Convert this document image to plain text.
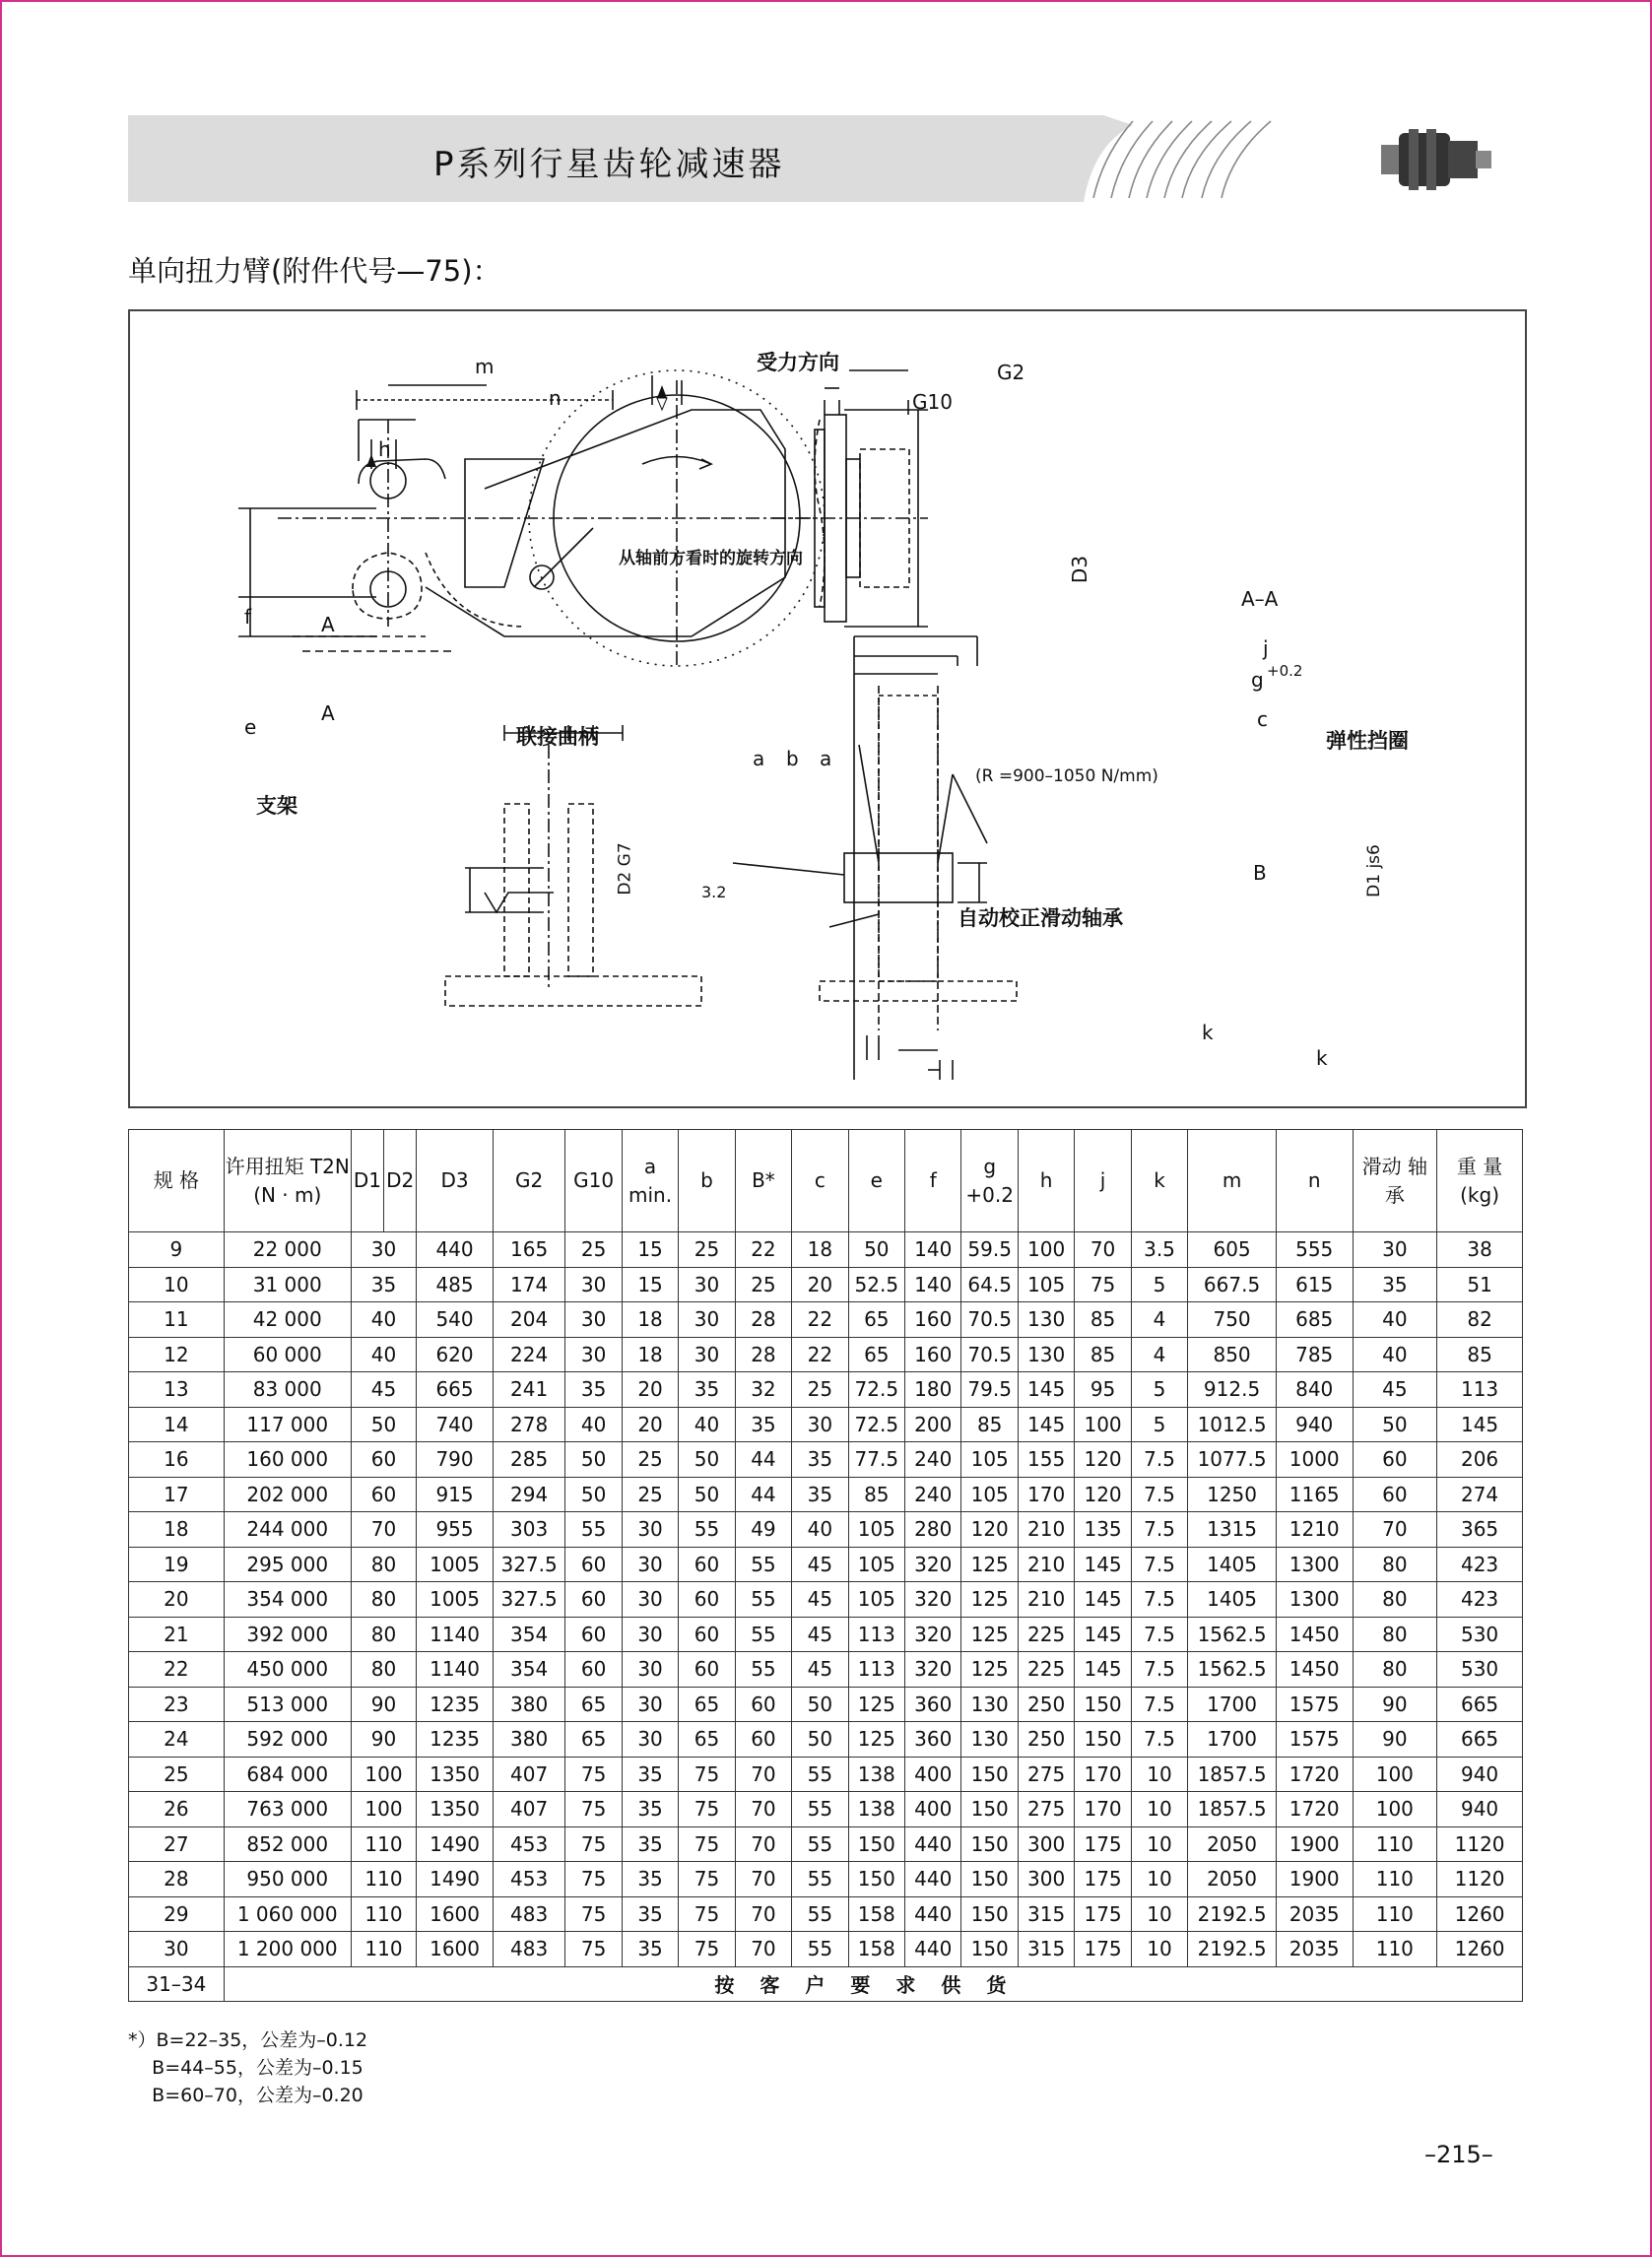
P系列行星齿轮减速器
单向扭力臂(附件代号—75)：
m
n
h
f
e
A
A
受力方向
从轴前方看时的旋转方向
联接曲柄
支架
G2
G10
D3
A–A
j
g +0.2
c
弹性挡圈
(R =900–1050 N/mm)
a b a
D2 G7	3.2
B	D1 js6
自动校正滑动轴承
k
k
规 格	许用扭矩 T2N (N · m)	D1	D2	D3	G2	G10	a min.	b	B*	c	e	f	g +0.2	h	j	k	m	n	滑动 轴承	重 量 (kg)
9	22 000	30		440	165	25	15	25	22	18	50	140	59.5	100	70	3.5	605	555	30	38
10	31 000	35		485	174	30	15	30	25	20	52.5	140	64.5	105	75	5	667.5	615	35	51
11	42 000	40		540	204	30	18	30	28	22	65	160	70.5	130	85	4	750	685	40	82
12	60 000	40		620	224	30	18	30	28	22	65	160	70.5	130	85	4	850	785	40	85
13	83 000	45		665	241	35	20	35	32	25	72.5	180	79.5	145	95	5	912.5	840	45	113
14	117 000	50		740	278	40	20	40	35	30	72.5	200	85	145	100	5	1012.5	940	50	145
16	160 000	60		790	285	50	25	50	44	35	77.5	240	105	155	120	7.5	1077.5	1000	60	206
17	202 000	60		915	294	50	25	50	44	35	85	240	105	170	120	7.5	1250	1165	60	274
18	244 000	70		955	303	55	30	55	49	40	105	280	120	210	135	7.5	1315	1210	70	365
19	295 000	80		1005	327.5	60	30	60	55	45	105	320	125	210	145	7.5	1405	1300	80	423
20	354 000	80		1005	327.5	60	30	60	55	45	105	320	125	210	145	7.5	1405	1300	80	423
21	392 000	80		1140	354	60	30	60	55	45	113	320	125	225	145	7.5	1562.5	1450	80	530
22	450 000	80		1140	354	60	30	60	55	45	113	320	125	225	145	7.5	1562.5	1450	80	530
23	513 000	90		1235	380	65	30	65	60	50	125	360	130	250	150	7.5	1700	1575	90	665
24	592 000	90		1235	380	65	30	65	60	50	125	360	130	250	150	7.5	1700	1575	90	665
25	684 000	100		1350	407	75	35	75	70	55	138	400	150	275	170	10	1857.5	1720	100	940
26	763 000	100		1350	407	75	35	75	70	55	138	400	150	275	170	10	1857.5	1720	100	940
27	852 000	110		1490	453	75	35	75	70	55	150	440	150	300	175	10	2050	1900	110	1120
28	950 000	110		1490	453	75	35	75	70	55	150	440	150	300	175	10	2050	1900	110	1120
29	1 060 000	110		1600	483	75	35	75	70	55	158	440	150	315	175	10	2192.5	2035	110	1260
30	1 200 000	110		1600	483	75	35	75	70	55	158	440	150	315	175	10	2192.5	2035	110	1260
31–34	按客户要求供货																			
*）B=22–35，公差为–0.12
B=44–55，公差为–0.15
B=60–70，公差为–0.20
–215–
